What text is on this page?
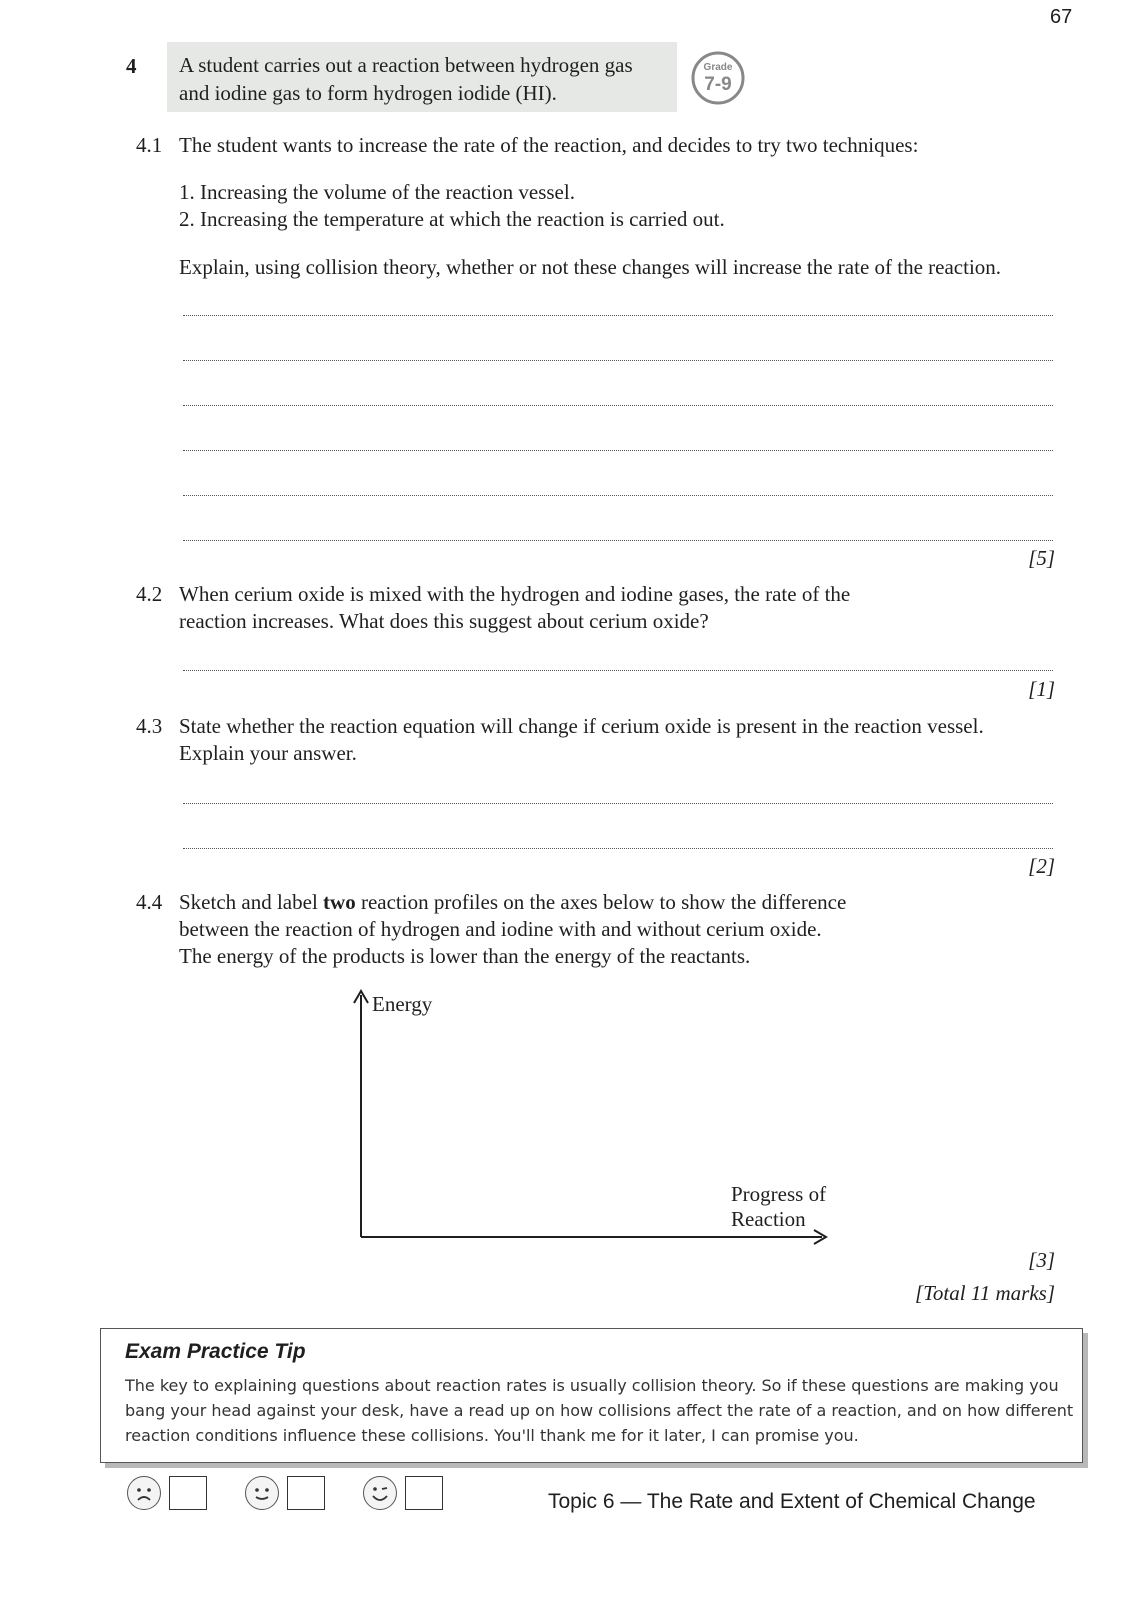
67
4 A student carries out a reaction between hydrogen gas
and iodine gas to form hydrogen iodide (HI).
Grade
7-9
4.1 The student wants to increase the rate of the reaction, and decides to try two techniques:
1. Increasing the volume of the reaction vessel.
2. Increasing the temperature at which the reaction is carried out.
Explain, using collision theory, whether or not these changes will increase the rate of the reaction.
[5]
4.2 When cerium oxide is mixed with the hydrogen and iodine gases, the rate of the
reaction increases. What does this suggest about cerium oxide?
[1]
4.3 State whether the reaction equation will change if cerium oxide is present in the reaction vessel.
Explain your answer.
[2]
4.4 Sketch and label two reaction profiles on the axes below to show the difference
between the reaction of hydrogen and iodine with and without cerium oxide.
The energy of the products is lower than the energy of the reactants.
Energy
Progress of
Reaction
[3]
[Total 11 marks]
Exam Practice Tip
The key to explaining questions about reaction rates is usually collision theory. So if these questions are making you
bang your head against your desk, have a read up on how collisions affect the rate of a reaction, and on how different
reaction conditions influence these collisions. You'll thank me for it later, I can promise you.
Topic 6 — The Rate and Extent of Chemical Change
